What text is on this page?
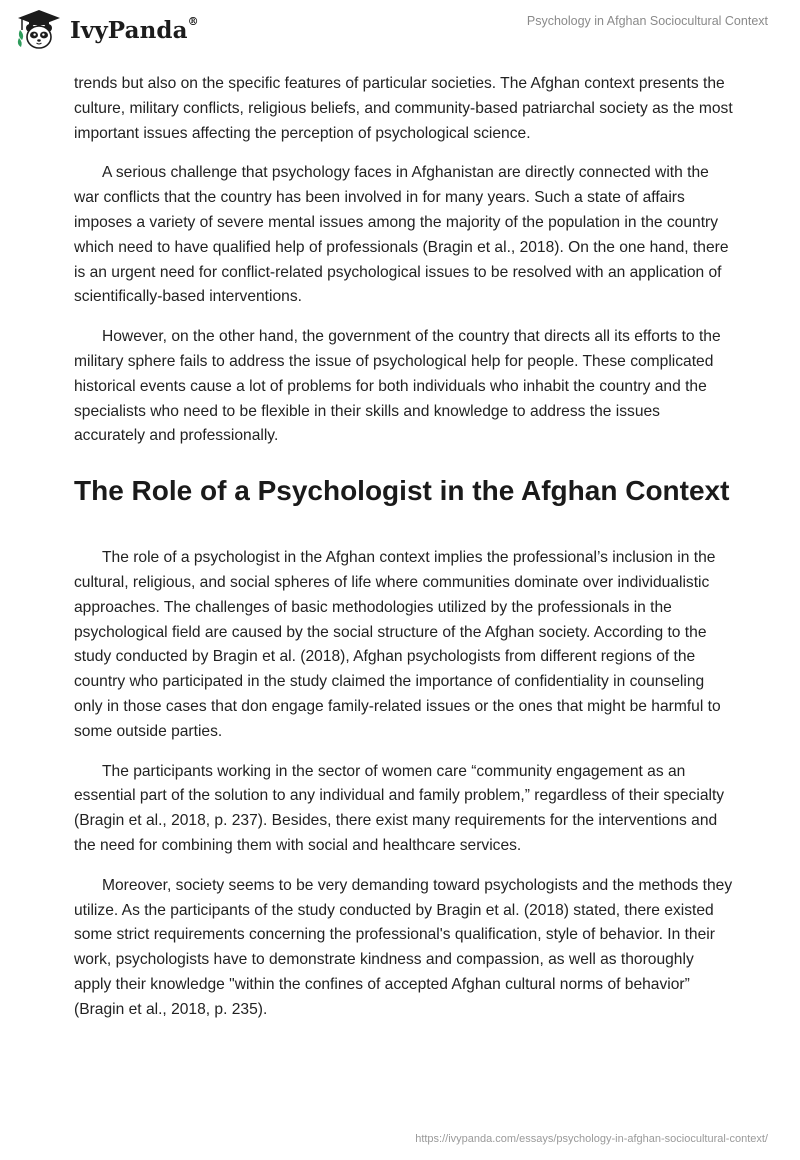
IvyPanda®	Psychology in Afghan Sociocultural Context

trends but also on the specific features of particular societies. The Afghan context presents the culture, military conflicts, religious beliefs, and community-based patriarchal society as the most important issues affecting the perception of psychological science.

A serious challenge that psychology faces in Afghanistan are directly connected with the war conflicts that the country has been involved in for many years. Such a state of affairs imposes a variety of severe mental issues among the majority of the population in the country which need to have qualified help of professionals (Bragin et al., 2018). On the one hand, there is an urgent need for conflict-related psychological issues to be resolved with an application of scientifically-based interventions.

However, on the other hand, the government of the country that directs all its efforts to the military sphere fails to address the issue of psychological help for people. These complicated historical events cause a lot of problems for both individuals who inhabit the country and the specialists who need to be flexible in their skills and knowledge to address the issues accurately and professionally.

The Role of a Psychologist in the Afghan Context

The role of a psychologist in the Afghan context implies the professional’s inclusion in the cultural, religious, and social spheres of life where communities dominate over individualistic approaches. The challenges of basic methodologies utilized by the professionals in the psychological field are caused by the social structure of the Afghan society. According to the study conducted by Bragin et al. (2018), Afghan psychologists from different regions of the country who participated in the study claimed the importance of confidentiality in counseling only in those cases that don engage family-related issues or the ones that might be harmful to some outside parties.

The participants working in the sector of women care “community engagement as an essential part of the solution to any individual and family problem,” regardless of their specialty (Bragin et al., 2018, p. 237). Besides, there exist many requirements for the interventions and the need for combining them with social and healthcare services.

Moreover, society seems to be very demanding toward psychologists and the methods they utilize. As the participants of the study conducted by Bragin et al. (2018) stated, there existed some strict requirements concerning the professional's qualification, style of behavior. In their work, psychologists have to demonstrate kindness and compassion, as well as thoroughly apply their knowledge "within the confines of accepted Afghan cultural norms of behavior” (Bragin et al., 2018, p. 235).

https://ivypanda.com/essays/psychology-in-afghan-sociocultural-context/
